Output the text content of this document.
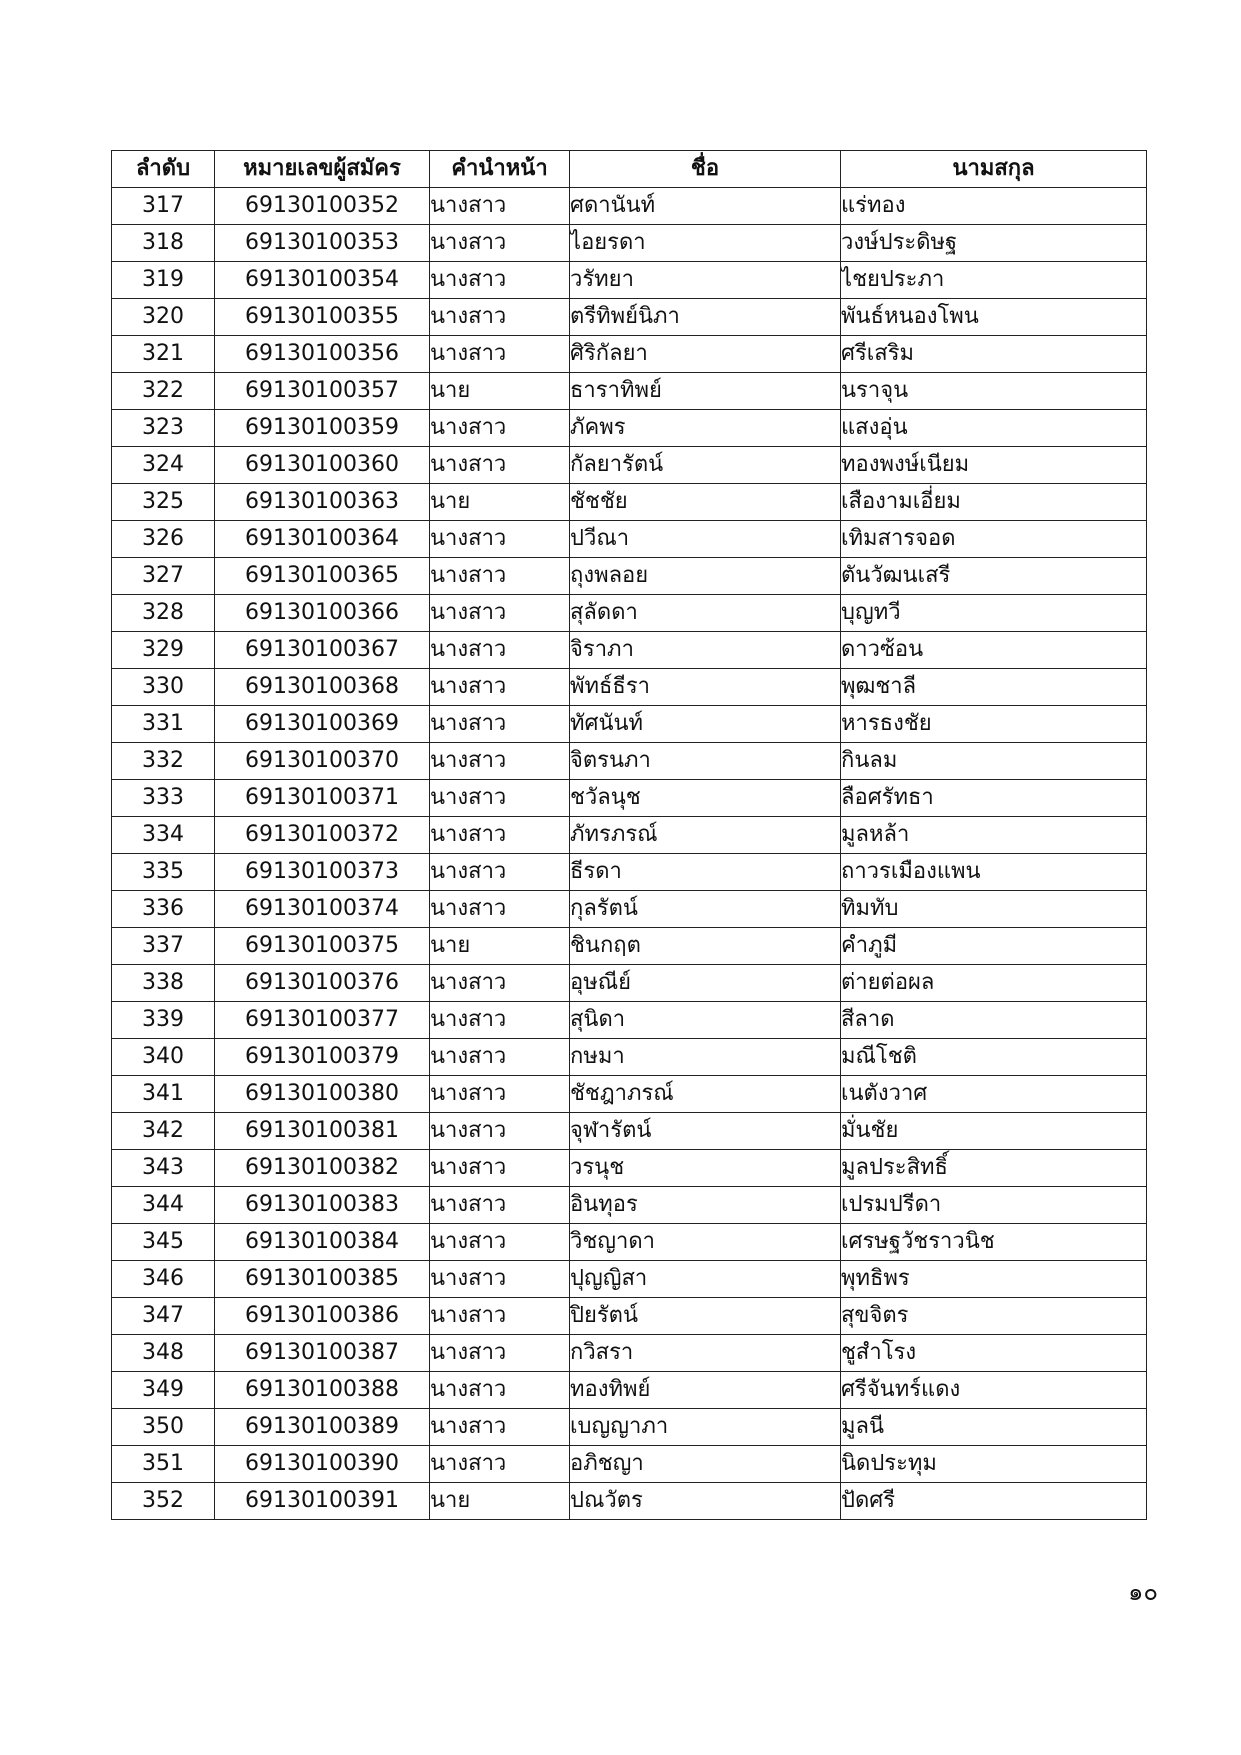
ลำดับ	หมายเลขผู้สมัคร	คำนำหน้า	ชื่อ	นามสกุล
317	69130100352	นางสาว	ศดานันท์	แร่ทอง
318	69130100353	นางสาว	ไอยรดา	วงษ์ประดิษฐ
319	69130100354	นางสาว	วรัทยา	ไชยประภา
320	69130100355	นางสาว	ตรีทิพย์นิภา	พันธ์หนองโพน
321	69130100356	นางสาว	ศิริกัลยา	ศรีเสริม
322	69130100357	นาย	ธาราทิพย์	นราจุน
323	69130100359	นางสาว	ภัคพร	แสงอุ่น
324	69130100360	นางสาว	กัลยารัตน์	ทองพงษ์เนียม
325	69130100363	นาย	ชัชชัย	เสืองามเอี่ยม
326	69130100364	นางสาว	ปวีณา	เทิมสารจอด
327	69130100365	นางสาว	ถุงพลอย	ตันวัฒนเสรี
328	69130100366	นางสาว	สุลัดดา	บุญทวี
329	69130100367	นางสาว	จิราภา	ดาวซ้อน
330	69130100368	นางสาว	พัทธ์ธีรา	พุฒชาลี
331	69130100369	นางสาว	ทัศนันท์	หารธงชัย
332	69130100370	นางสาว	จิตรนภา	กินลม
333	69130100371	นางสาว	ชวัลนุช	ลือศรัทธา
334	69130100372	นางสาว	ภัทรภรณ์	มูลหล้า
335	69130100373	นางสาว	ธีรดา	ถาวรเมืองแพน
336	69130100374	นางสาว	กุลรัตน์	ทิมทับ
337	69130100375	นาย	ชินกฤต	คำภูมี
338	69130100376	นางสาว	อุษณีย์	ต่ายต่อผล
339	69130100377	นางสาว	สุนิดา	สีลาด
340	69130100379	นางสาว	กษมา	มณีโชติ
341	69130100380	นางสาว	ชัชฎาภรณ์	เนตังวาศ
342	69130100381	นางสาว	จุฬารัตน์	มั่นชัย
343	69130100382	นางสาว	วรนุช	มูลประสิทธิ์
344	69130100383	นางสาว	อินทุอร	เปรมปรีดา
345	69130100384	นางสาว	วิชญาดา	เศรษฐวัชราวนิช
346	69130100385	นางสาว	ปุญญิสา	พุทธิพร
347	69130100386	นางสาว	ปิยรัตน์	สุขจิตร
348	69130100387	นางสาว	กวิสรา	ชูสำโรง
349	69130100388	นางสาว	ทองทิพย์	ศรีจันทร์แดง
350	69130100389	นางสาว	เบญญาภา	มูลนี
351	69130100390	นางสาว	อภิชญา	นิดประทุม
352	69130100391	นาย	ปณวัตร	ปัดศรี
๑๐
